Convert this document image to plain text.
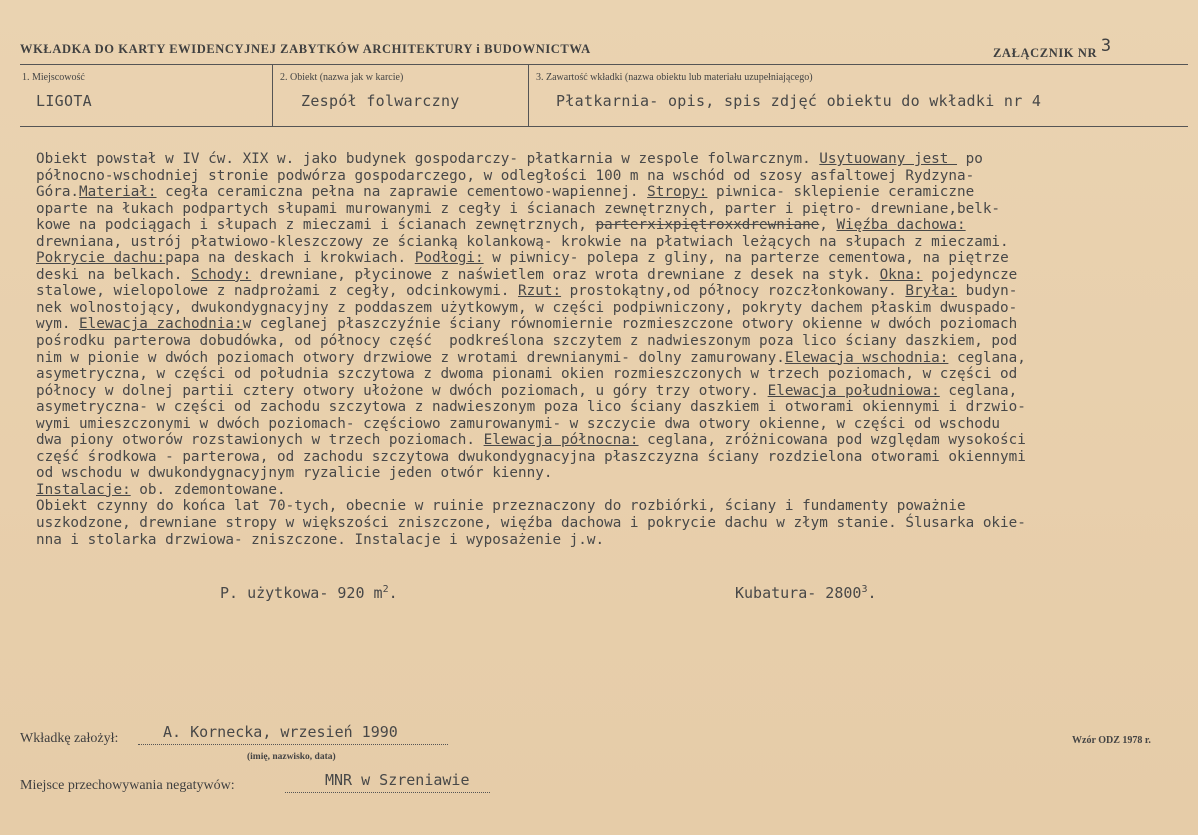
WKŁADKA DO KARTY EWIDENCYJNEJ ZABYTKÓW ARCHITEKTURY i BUDOWNICTWA	ZAŁĄCZNIK NR 3
1. Miejscowość
LIGOTA
2. Obiekt (nazwa jak w karcie)
Zespół folwarczny
3. Zawartość wkładki (nazwa obiektu lub materiału uzupełniającego)
Płatkarnia- opis, spis zdjęć obiektu do wkładki nr 4
Obiekt powstał w IV ćw. XIX w. jako budynek gospodarczy- płatkarnia w zespole folwarcznym. Usytuowany jest  po
północno-wschodniej stronie podwórza gospodarczego, w odległości 100 m na wschód od szosy asfaltowej Rydzyna-
Góra.Materiał: cegła ceramiczna pełna na zaprawie cementowo-wapiennej. Stropy: piwnica- sklepienie ceramiczne
oparte na łukach podpartych słupami murowanymi z cegły i ścianach zewnętrznych, parter i piętro- drewniane,belk-
kowe na podciągach i słupach z mieczami i ścianach zewnętrznych, parterxixpiętroxxdrewniane, Więźba dachowa:
drewniana, ustrój płatwiowo-kleszczowy ze ścianką kolankową- krokwie na płatwiach leżących na słupach z mieczami.
Pokrycie dachu:papa na deskach i krokwiach. Podłogi: w piwnicy- polepa z gliny, na parterze cementowa, na piętrze
deski na belkach. Schody: drewniane, płycinowe z naświetlem oraz wrota drewniane z desek na styk. Okna: pojedyncze
stalowe, wielopolowe z nadprożami z cegły, odcinkowymi. Rzut: prostokątny,od północy rozczłonkowany. Bryła: budyn-
nek wolnostojący, dwukondygnacyjny z poddaszem użytkowym, w części podpiwniczony, pokryty dachem płaskim dwuspado-
wym. Elewacja zachodnia:w ceglanej płaszczyźnie ściany równomiernie rozmieszczone otwory okienne w dwóch poziomach
pośrodku parterowa dobudówka, od północy część  podkreślona szczytem z nadwieszonym poza lico ściany daszkiem, pod
nim w pionie w dwóch poziomach otwory drzwiowe z wrotami drewnianymi- dolny zamurowany.Elewacja wschodnia: ceglana,
asymetryczna, w części od południa szczytowa z dwoma pionami okien rozmieszczonych w trzech poziomach, w części od
północy w dolnej partii cztery otwory ułożone w dwóch poziomach, u góry trzy otwory. Elewacja południowa: ceglana,
asymetryczna- w części od zachodu szczytowa z nadwieszonym poza lico ściany daszkiem i otworami okiennymi i drzwio-
wymi umieszczonymi w dwóch poziomach- częściowo zamurowanymi- w szczycie dwa otwory okienne, w części od wschodu
dwa piony otworów rozstawionych w trzech poziomach. Elewacja północna: ceglana, zróżnicowana pod względam wysokości
część środkowa - parterowa, od zachodu szczytowa dwukondygnacyjna płaszczyzna ściany rozdzielona otworami okiennymi
od wschodu w dwukondygnacyjnym ryzalicie jeden otwór kienny.
Instalacje: ob. zdemontowane.
Obiekt czynny do końca lat 70-tych, obecnie w ruinie przeznaczony do rozbiórki, ściany i fundamenty poważnie
uszkodzone, drewniane stropy w większości zniszczone, więźba dachowa i pokrycie dachu w złym stanie. Ślusarka okie-
nna i stolarka drzwiowa- zniszczone. Instalacje i wyposażenie j.w.
P. użytkowa- 920 $m^2$.	Kubatura- 2800$^3$.
Wkładkę założył:	A. Kornecka, wrzesień 1990
(imię, nazwisko, data)
Wzór ODZ 1978 r.
Miejsce przechowywania negatywów:	MNR w Szreniawie
